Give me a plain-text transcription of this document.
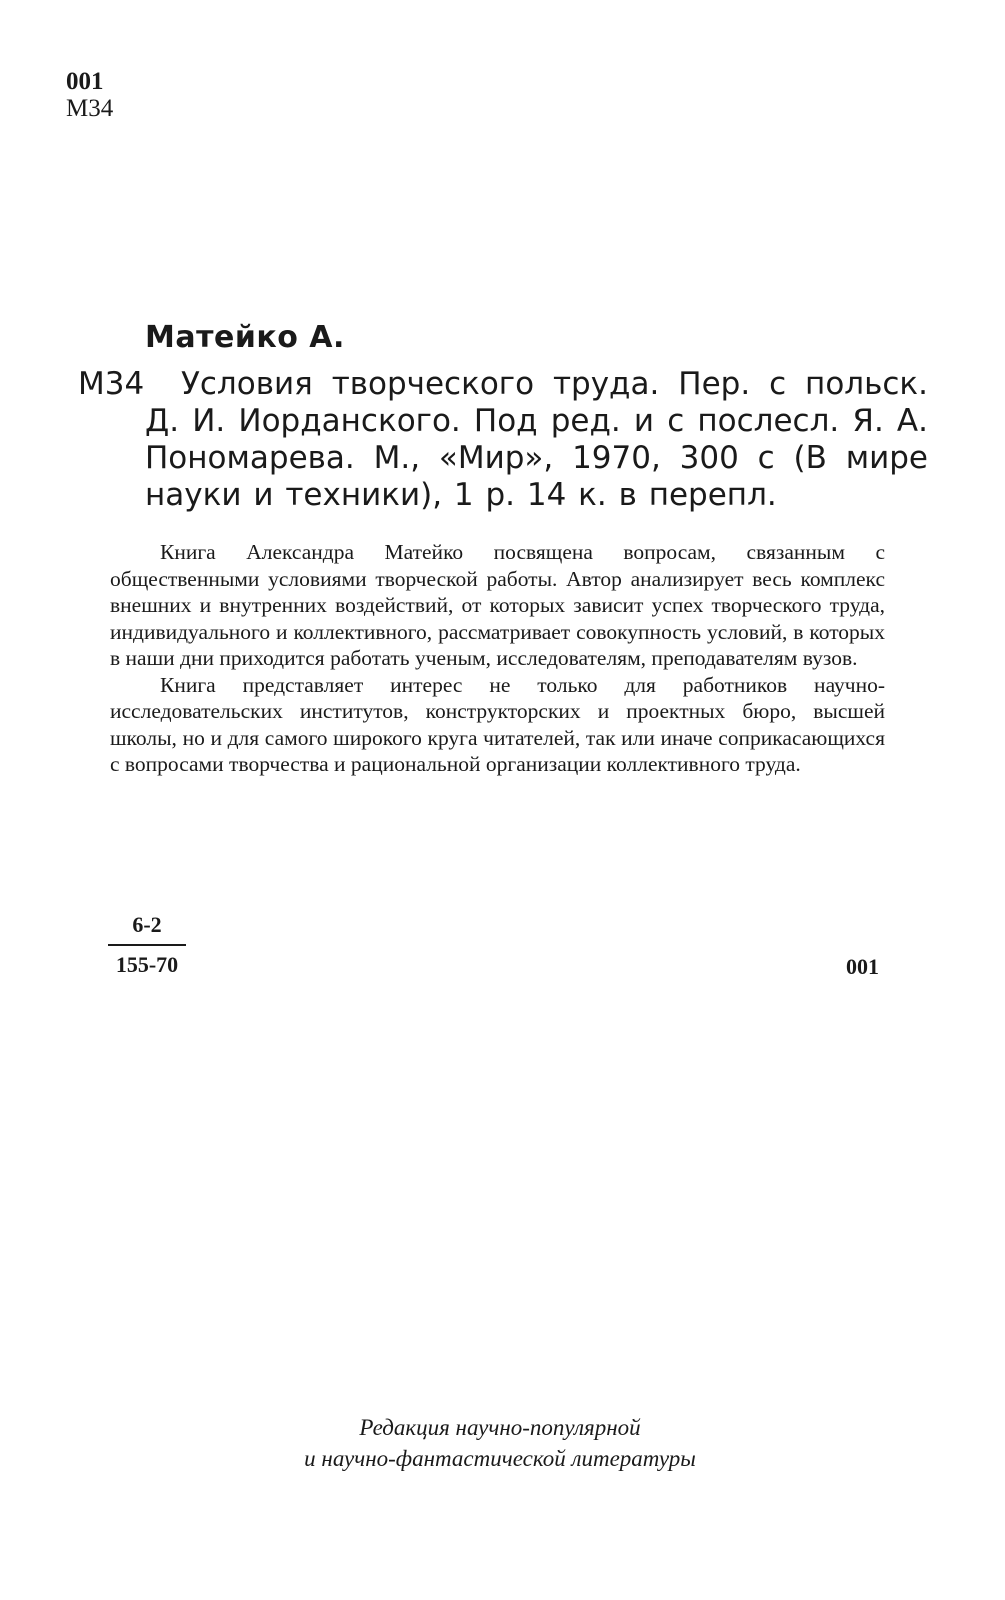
001
М34
Матейко А.
М34	Условия творческого труда. Пер. с польск. Д. И. Иорданского. Под ред. и с послесл. Я. А. Пономарева. М., «Мир», 1970, 300 с (В мире науки и техники), 1 р. 14 к. в перепл.

Книга Александра Матейко посвящена вопросам, связанным с общественными условиями творческой работы. Автор анализирует весь комплекс внешних и внутренних воздействий, от которых зависит успех творческого труда, индивидуального и коллективного, рассматривает совокупность условий, в которых в наши дни приходится работать ученым, исследователям, преподавателям вузов.

Книга представляет интерес не только для работников научно-исследовательских институтов, конструкторских и проектных бюро, высшей школы, но и для самого широкого круга читателей, так или иначе соприкасающихся с вопросами творчества и рациональной организации коллективного труда.

$\frac{6-2}{155-70}$	001
Редакция научно-популярной
и научно-фантастической литературы
